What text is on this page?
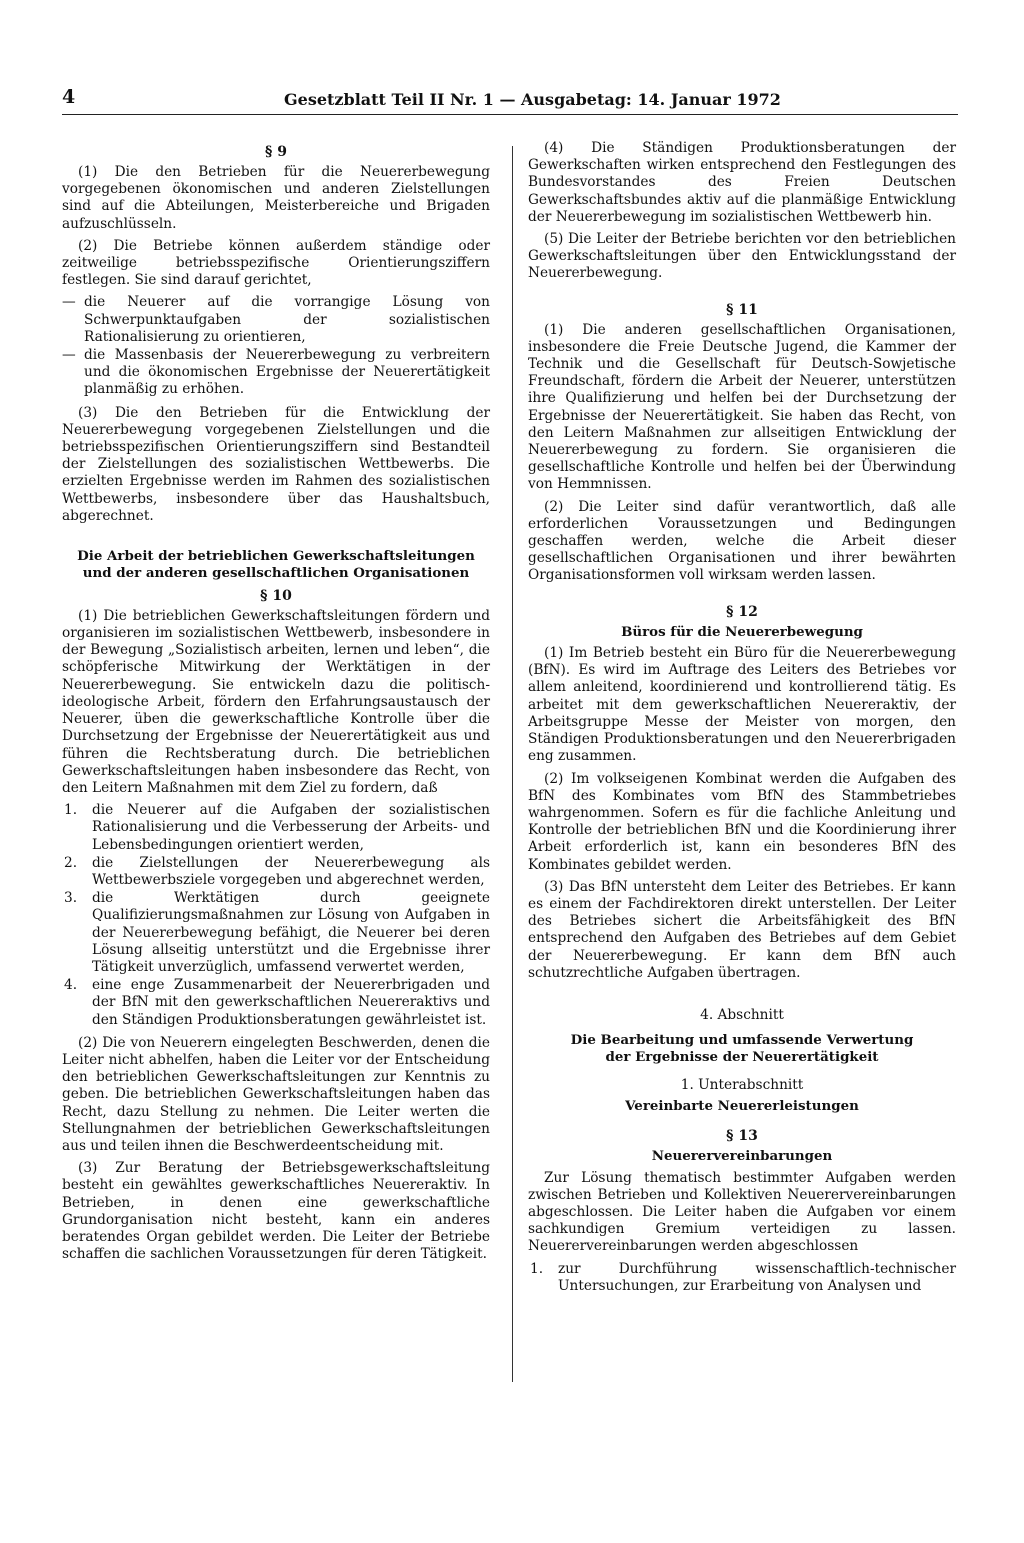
4	Gesetzblatt Teil II Nr. 1 — Ausgabetag: 14. Januar 1972

§ 9

(1) Die den Betrieben für die Neuererbewegung vorgegebenen ökonomischen und anderen Zielstellungen sind auf die Abteilungen, Meisterbereiche und Brigaden aufzuschlüsseln.

(2) Die Betriebe können außerdem ständige oder zeitweilige betriebsspezifische Orientierungsziffern festlegen. Sie sind darauf gerichtet,

— die Neuerer auf die vorrangige Lösung von Schwerpunktaufgaben der sozialistischen Rationalisierung zu orientieren,

— die Massenbasis der Neuererbewegung zu verbreitern und die ökonomischen Ergebnisse der Neuerertätigkeit planmäßig zu erhöhen.

(3) Die den Betrieben für die Entwicklung der Neuererbewegung vorgegebenen Zielstellungen und die betriebsspezifischen Orientierungsziffern sind Bestandteil der Zielstellungen des sozialistischen Wettbewerbs. Die erzielten Ergebnisse werden im Rahmen des sozialistischen Wettbewerbs, insbesondere über das Haushaltsbuch, abgerechnet.

Die Arbeit der betrieblichen Gewerkschaftsleitungen

und der anderen gesellschaftlichen Organisationen

§ 10

(1) Die betrieblichen Gewerkschaftsleitungen fördern und organisieren im sozialistischen Wettbewerb, insbesondere in der Bewegung „Sozialistisch arbeiten, lernen und leben“, die schöpferische Mitwirkung der Werktätigen in der Neuererbewegung. Sie entwickeln dazu die politisch-ideologische Arbeit, fördern den Erfahrungsaustausch der Neuerer, üben die gewerkschaftliche Kontrolle über die Durchsetzung der Ergebnisse der Neuerertätigkeit aus und führen die Rechtsberatung durch. Die betrieblichen Gewerkschaftsleitungen haben insbesondere das Recht, von den Leitern Maßnahmen mit dem Ziel zu fordern, daß

1.	die Neuerer auf die Aufgaben der sozialistischen Rationalisierung und die Verbesserung der Arbeits- und Lebensbedingungen orientiert werden,

2.	die Zielstellungen der Neuererbewegung als Wettbewerbsziele vorgegeben und abgerechnet werden,

3.	die Werktätigen durch geeignete Qualifizierungsmaßnahmen zur Lösung von Aufgaben in der Neuererbewegung befähigt, die Neuerer bei deren Lösung allseitig unterstützt und die Ergebnisse ihrer Tätigkeit unverzüglich, umfassend verwertet werden,

4.	eine enge Zusammenarbeit der Neuererbrigaden und der BfN mit den gewerkschaftlichen Neuereraktivs und den Ständigen Produktionsberatungen gewährleistet ist.

(2) Die von Neuerern eingelegten Beschwerden, denen die Leiter nicht abhelfen, haben die Leiter vor der Entscheidung den betrieblichen Gewerkschaftsleitungen zur Kenntnis zu geben. Die betrieblichen Gewerkschaftsleitungen haben das Recht, dazu Stellung zu nehmen. Die Leiter werten die Stellungnahmen der betrieblichen Gewerkschaftsleitungen aus und teilen ihnen die Beschwerdeentscheidung mit.

(3) Zur Beratung der Betriebsgewerkschaftsleitung besteht ein gewähltes gewerkschaftliches Neuereraktiv. In Betrieben, in denen eine gewerkschaftliche Grundorganisation nicht besteht, kann ein anderes beratendes Organ gebildet werden. Die Leiter der Betriebe schaffen die sachlichen Voraussetzungen für deren Tätigkeit.

(4) Die Ständigen Produktionsberatungen der Gewerkschaften wirken entsprechend den Festlegungen des Bundesvorstandes des Freien Deutschen Gewerkschaftsbundes aktiv auf die planmäßige Entwicklung der Neuererbewegung im sozialistischen Wettbewerb hin.

(5) Die Leiter der Betriebe berichten vor den betrieblichen Gewerkschaftsleitungen über den Entwicklungsstand der Neuererbewegung.

§ 11

(1) Die anderen gesellschaftlichen Organisationen, insbesondere die Freie Deutsche Jugend, die Kammer der Technik und die Gesellschaft für Deutsch-Sowjetische Freundschaft, fördern die Arbeit der Neuerer, unterstützen ihre Qualifizierung und helfen bei der Durchsetzung der Ergebnisse der Neuerertätigkeit. Sie haben das Recht, von den Leitern Maßnahmen zur allseitigen Entwicklung der Neuererbewegung zu fordern. Sie organisieren die gesellschaftliche Kontrolle und helfen bei der Überwindung von Hemmnissen.

(2) Die Leiter sind dafür verantwortlich, daß alle erforderlichen Voraussetzungen und Bedingungen geschaffen werden, welche die Arbeit dieser gesellschaftlichen Organisationen und ihrer bewährten Organisationsformen voll wirksam werden lassen.

§ 12

Büros für die Neuererbewegung

(1) Im Betrieb besteht ein Büro für die Neuererbewegung (BfN). Es wird im Auftrage des Leiters des Betriebes vor allem anleitend, koordinierend und kontrollierend tätig. Es arbeitet mit dem gewerkschaftlichen Neuereraktiv, der Arbeitsgruppe Messe der Meister von morgen, den Ständigen Produktionsberatungen und den Neuererbrigaden eng zusammen.

(2) Im volkseigenen Kombinat werden die Aufgaben des BfN des Kombinates vom BfN des Stammbetriebes wahrgenommen. Sofern es für die fachliche Anleitung und Kontrolle der betrieblichen BfN und die Koordinierung ihrer Arbeit erforderlich ist, kann ein besonderes BfN des Kombinates gebildet werden.

(3) Das BfN untersteht dem Leiter des Betriebes. Er kann es einem der Fachdirektoren direkt unterstellen. Der Leiter des Betriebes sichert die Arbeitsfähigkeit des BfN entsprechend den Aufgaben des Betriebes auf dem Gebiet der Neuererbewegung. Er kann dem BfN auch schutzrechtliche Aufgaben übertragen.

4. Abschnitt

Die Bearbeitung und umfassende Verwertung

der Ergebnisse der Neuerertätigkeit

1. Unterabschnitt

Vereinbarte Neuererleistungen

§ 13

Neuerervereinbarungen

Zur Lösung thematisch bestimmter Aufgaben werden zwischen Betrieben und Kollektiven Neuerervereinbarungen abgeschlossen. Die Leiter haben die Aufgaben vor einem sachkundigen Gremium verteidigen zu lassen. Neuerervereinbarungen werden abgeschlossen

1.	zur Durchführung wissenschaftlich-technischer Untersuchungen, zur Erarbeitung von Analysen und
